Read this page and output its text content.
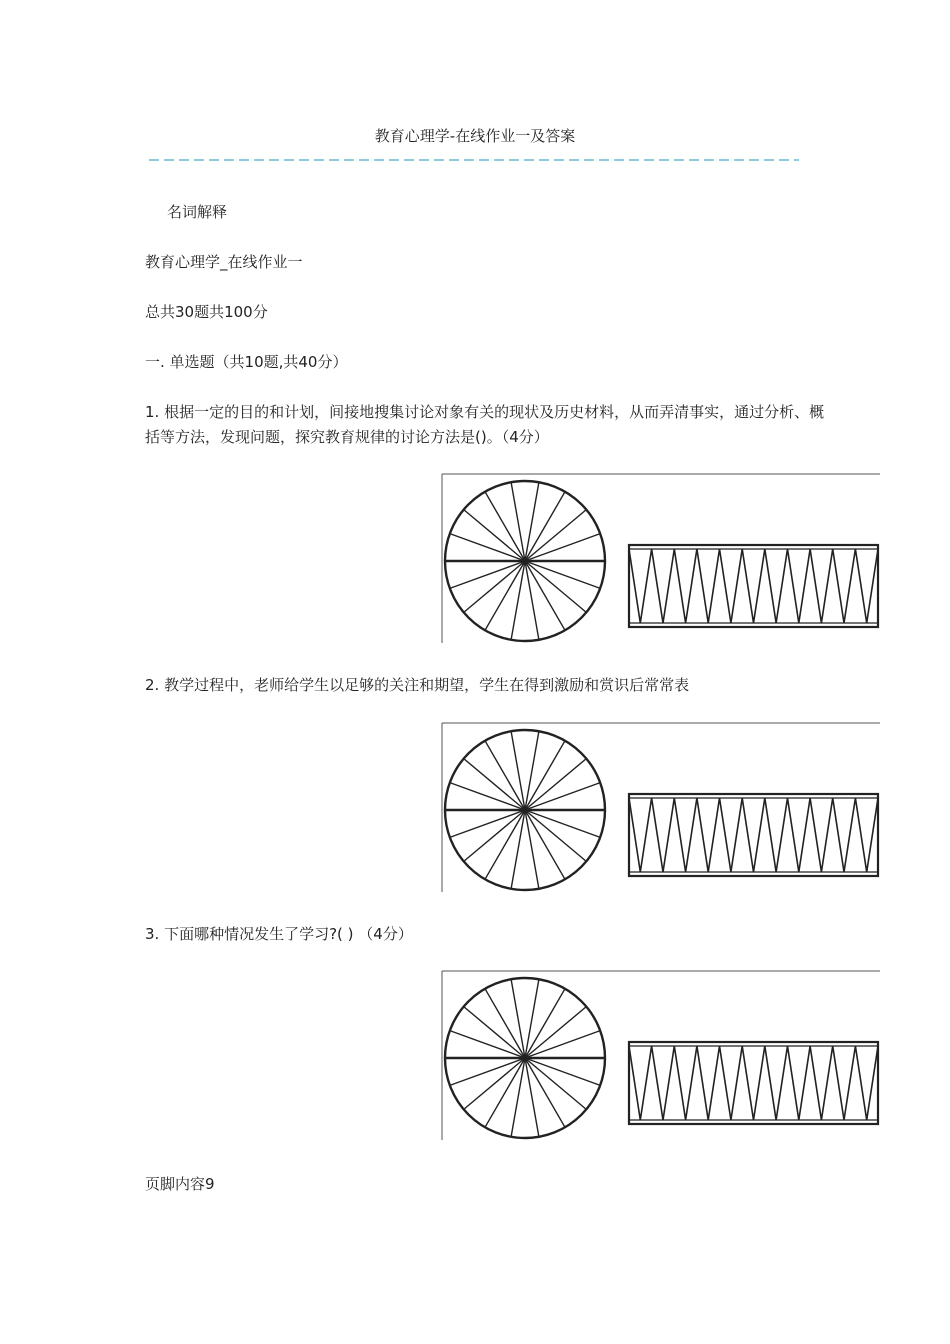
教育心理学-在线作业一及答案
名词解释
教育心理学_在线作业一
总共30题共100分
一. 单选题（共10题,共40分）
1. 根据一定的目的和计划，间接地搜集讨论对象有关的现状及历史材料，从而弄清事实，通过分析、概括等方法，发现问题，探究教育规律的讨论方法是()。（4分）
2. 教学过程中，老师给学生以足够的关注和期望，学生在得到激励和赏识后常常表
3. 下面哪种情况发生了学习?( ) （4分）
页脚内容9
